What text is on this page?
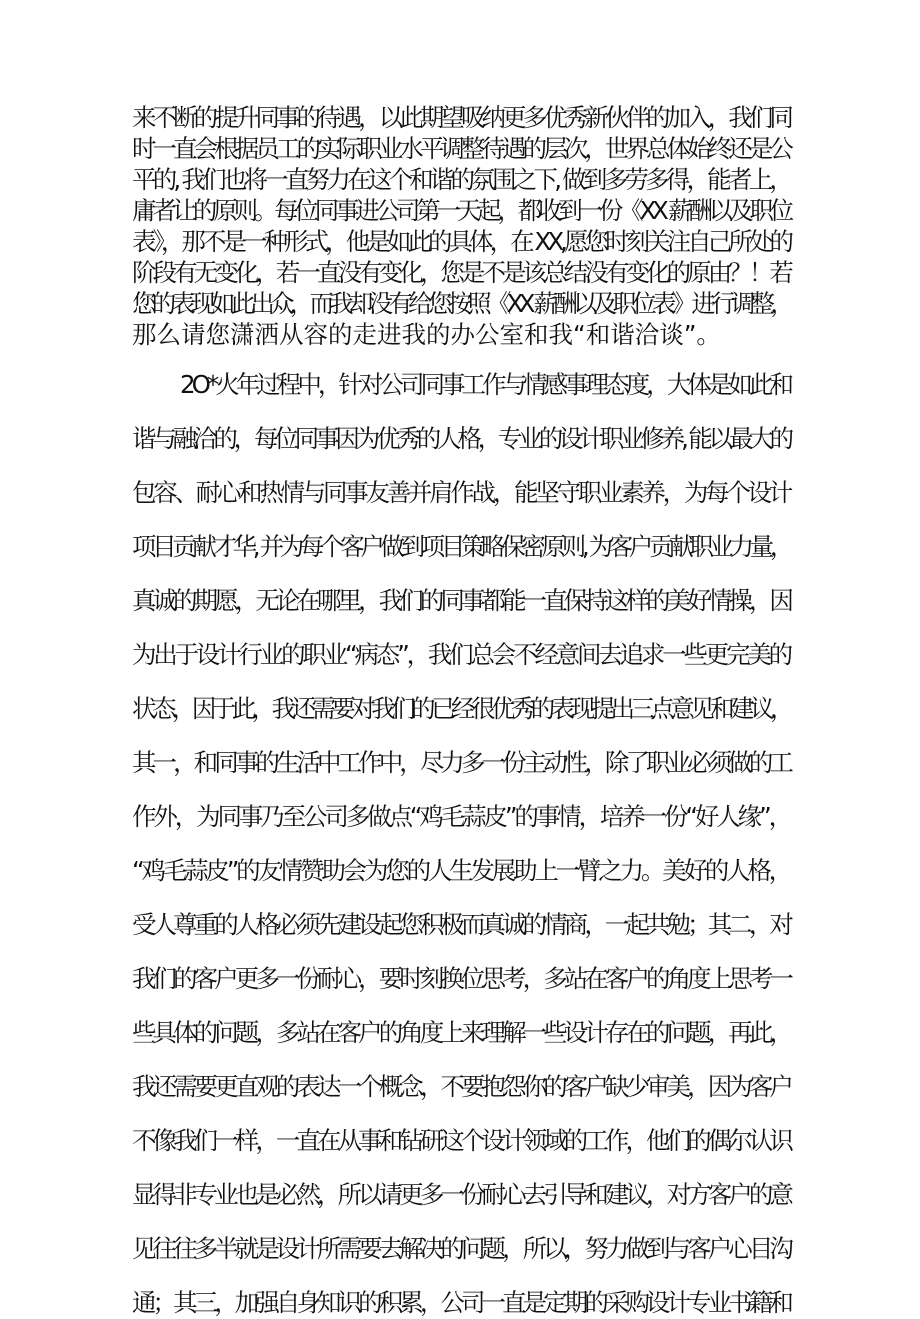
来不断的提升同事的待遇，以此期望吸纳更多优秀新伙伴的加入，我们同

时一直会根据员工的实际职业水平调整待遇的层次，世界总体始终还是公

平的, 我们也将一直努力在这个和谐的氛围之下, 做到多劳多得，能者上，

庸者让的原则。每位同事进公司第一天起，都收到一份《XX 薪酬以及职位

表》，那不是一种形式，他是如此的具体，在 XX,愿您时刻关注自己所处的

阶段有无变化，若一直没有变化，您是不是该总结没有变化的原由？！若

您的表现如此出众，而我却没有给您按照《XX 薪酬以及职位表》进行调整，

那么请您潇洒从容的走进我的办公室和我“和谐洽谈”。

2O*火年过程中，针对公司同事工作与情感事理态度，大体是如此和

谐与融洽的，每位同事因为优秀的人格，专业的设计职业修养, 能以最大的

包容、耐心和热情与同事友善并肩作战，能坚守职业素养，为每个设计

项目贡献才华, 并为每个客户做到项目策略保密原则, 为客户贡献职业力量，

真诚的期愿，无论在哪里，我们的同事都能一直保持这样的美好情操，因

为出于设计行业的职业“病态”，我们总会不经意间去追求一些更完美的

状态，因于此，我还需要对我们的已经很优秀的表现提出三点意见和建议，

其一，和同事的生活中工作中，尽力多一份主动性，除了职业必须做的工

作外，为同事乃至公司多做点“鸡毛蒜皮”的事情，培养一份“好人缘”，

“鸡毛蒜皮”的友情赞助会为您的人生发展助上一臂之力。美好的人格，

受人尊重的人格必须先建设起您积极而真诚的情商，一起共勉；其二，对

我们的客户更多一份耐心，要时刻换位思考，多站在客户的角度上思考一

些具体的问题，多站在客户的角度上来理解一些设计存在的问题，再此，

我还需要更直观的表达一个概念，不要抱怨你的客户缺少审美，因为客户

不像我们一样，一直在从事和钻研这个设计领域的工作，他们的偶尔认识

显得非专业也是必然，所以请更多一份耐心去引导和建议，对方客户的意

见往往多半就是设计所需要去解决的问题，所以，努力做到与客户心目沟

通；其三，加强自身知识的积累，公司一直是定期的采购设计专业书籍和
